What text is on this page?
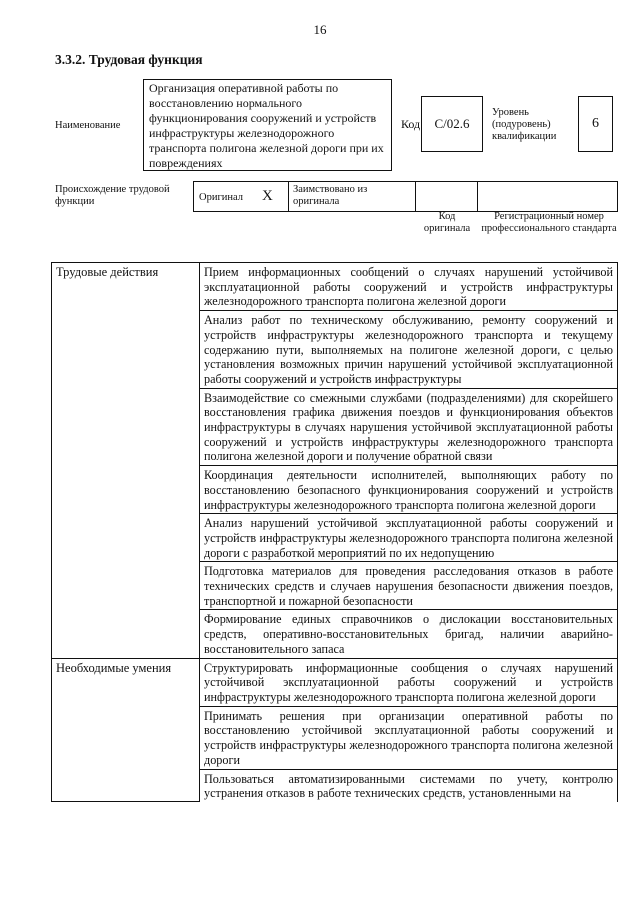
16
3.3.2. Трудовая функция
Наименование
Организация оперативной работы по восстановлению нормального функционирования сооружений и устройств инфраструктуры железнодорожного транспорта полигона железной дороги при их повреждениях
Код C/02.6
Уровень (подуровень) квалификации
6
Происхождение трудовой функции	Оригинал X Заимствовано из оригинала
Код оригинала
Регистрационный номер профессионального стандарта
Трудовые действия	Прием информационных сообщений о случаях нарушений устойчивой эксплуатационной работы сооружений и устройств инфраструктуры железнодорожного транспорта полигона железной дороги
	Анализ работ по техническому обслуживанию, ремонту сооружений и устройств инфраструктуры железнодорожного транспорта и текущему содержанию пути, выполняемых на полигоне железной дороги, с целью установления возможных причин нарушений устойчивой эксплуатационной работы сооружений и устройств инфраструктуры
	Взаимодействие со смежными службами (подразделениями) для скорейшего восстановления графика движения поездов и функционирования объектов инфраструктуры в случаях нарушения устойчивой эксплуатационной работы сооружений и устройств инфраструктуры железнодорожного транспорта полигона железной дороги и получение обратной связи
	Координация деятельности исполнителей, выполняющих работу по восстановлению безопасного функционирования сооружений и устройств инфраструктуры железнодорожного транспорта полигона железной дороги
	Анализ нарушений устойчивой эксплуатационной работы сооружений и устройств инфраструктуры железнодорожного транспорта полигона железной дороги с разработкой мероприятий по их недопущению
	Подготовка материалов для проведения расследования отказов в работе технических средств и случаев нарушения безопасности движения поездов, транспортной и пожарной безопасности
	Формирование единых справочников о дислокации восстановительных средств, оперативно-восстановительных бригад, наличии аварийно-восстановительного запаса
Необходимые умения	Структурировать информационные сообщения о случаях нарушений устойчивой эксплуатационной работы сооружений и устройств инфраструктуры железнодорожного транспорта полигона железной дороги
	Принимать решения при организации оперативной работы по восстановлению устойчивой эксплуатационной работы сооружений и устройств инфраструктуры железнодорожного транспорта полигона железной дороги
	Пользоваться автоматизированными системами по учету, контролю устранения отказов в работе технических средств, установленными на
